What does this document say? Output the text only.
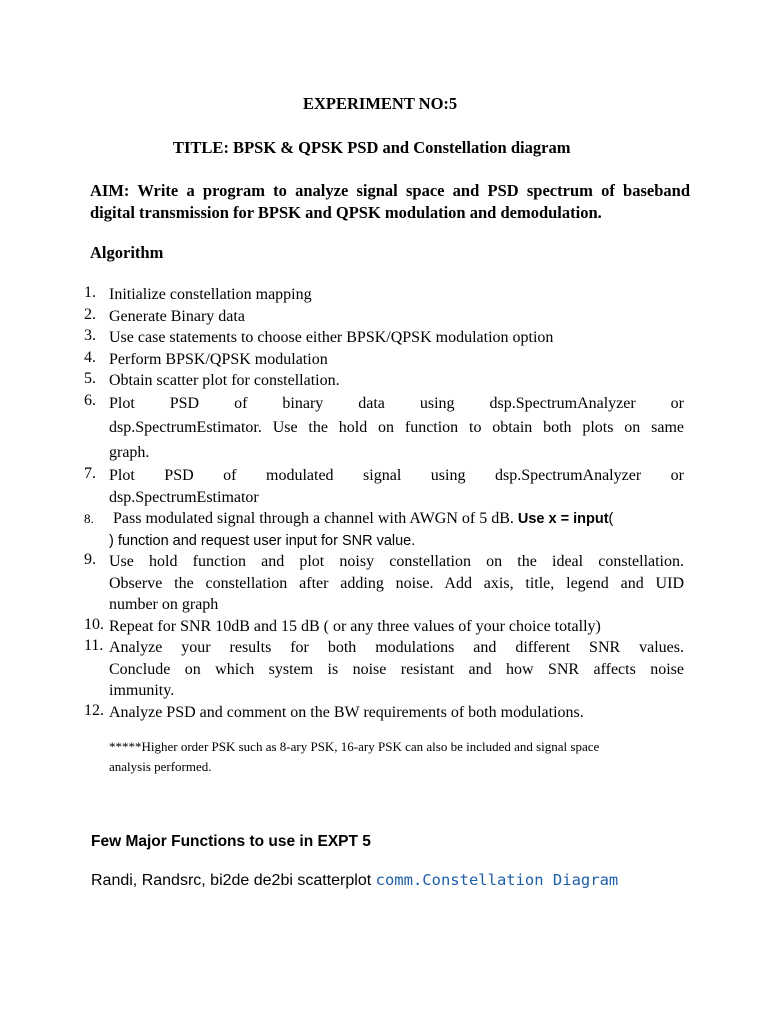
EXPERIMENT NO:5
TITLE: BPSK & QPSK PSD and Constellation diagram
AIM: Write a program to analyze signal space and PSD spectrum of baseband
digital transmission for BPSK and QPSK modulation and demodulation.
Algorithm
1. Initialize constellation mapping
2. Generate Binary data
3. Use case statements to choose either BPSK/QPSK modulation option
4. Perform BPSK/QPSK modulation
5. Obtain scatter plot for constellation.
6. Plot PSD of binary data using dsp.SpectrumAnalyzer or
dsp.SpectrumEstimator. Use the hold on function to obtain both plots on same
graph.
7. Plot PSD of modulated signal using dsp.SpectrumAnalyzer or
dsp.SpectrumEstimator
8. Pass modulated signal through a channel with AWGN of 5 dB. Use x = input(
) function and request user input for SNR value.
9. Use hold function and plot noisy constellation on the ideal constellation.
Observe the constellation after adding noise. Add axis, title, legend and UID
number on graph
10. Repeat for SNR 10dB and 15 dB ( or any three values of your choice totally)
11. Analyze your results for both modulations and different SNR values.
Conclude on which system is noise resistant and how SNR affects noise
immunity.
12. Analyze PSD and comment on the BW requirements of both modulations.
*****Higher order PSK such as 8-ary PSK, 16-ary PSK can also be included and signal space
analysis performed.
Few Major Functions to use in EXPT 5
Randi, Randsrc, bi2de de2bi scatterplot comm.Constellation Diagram
